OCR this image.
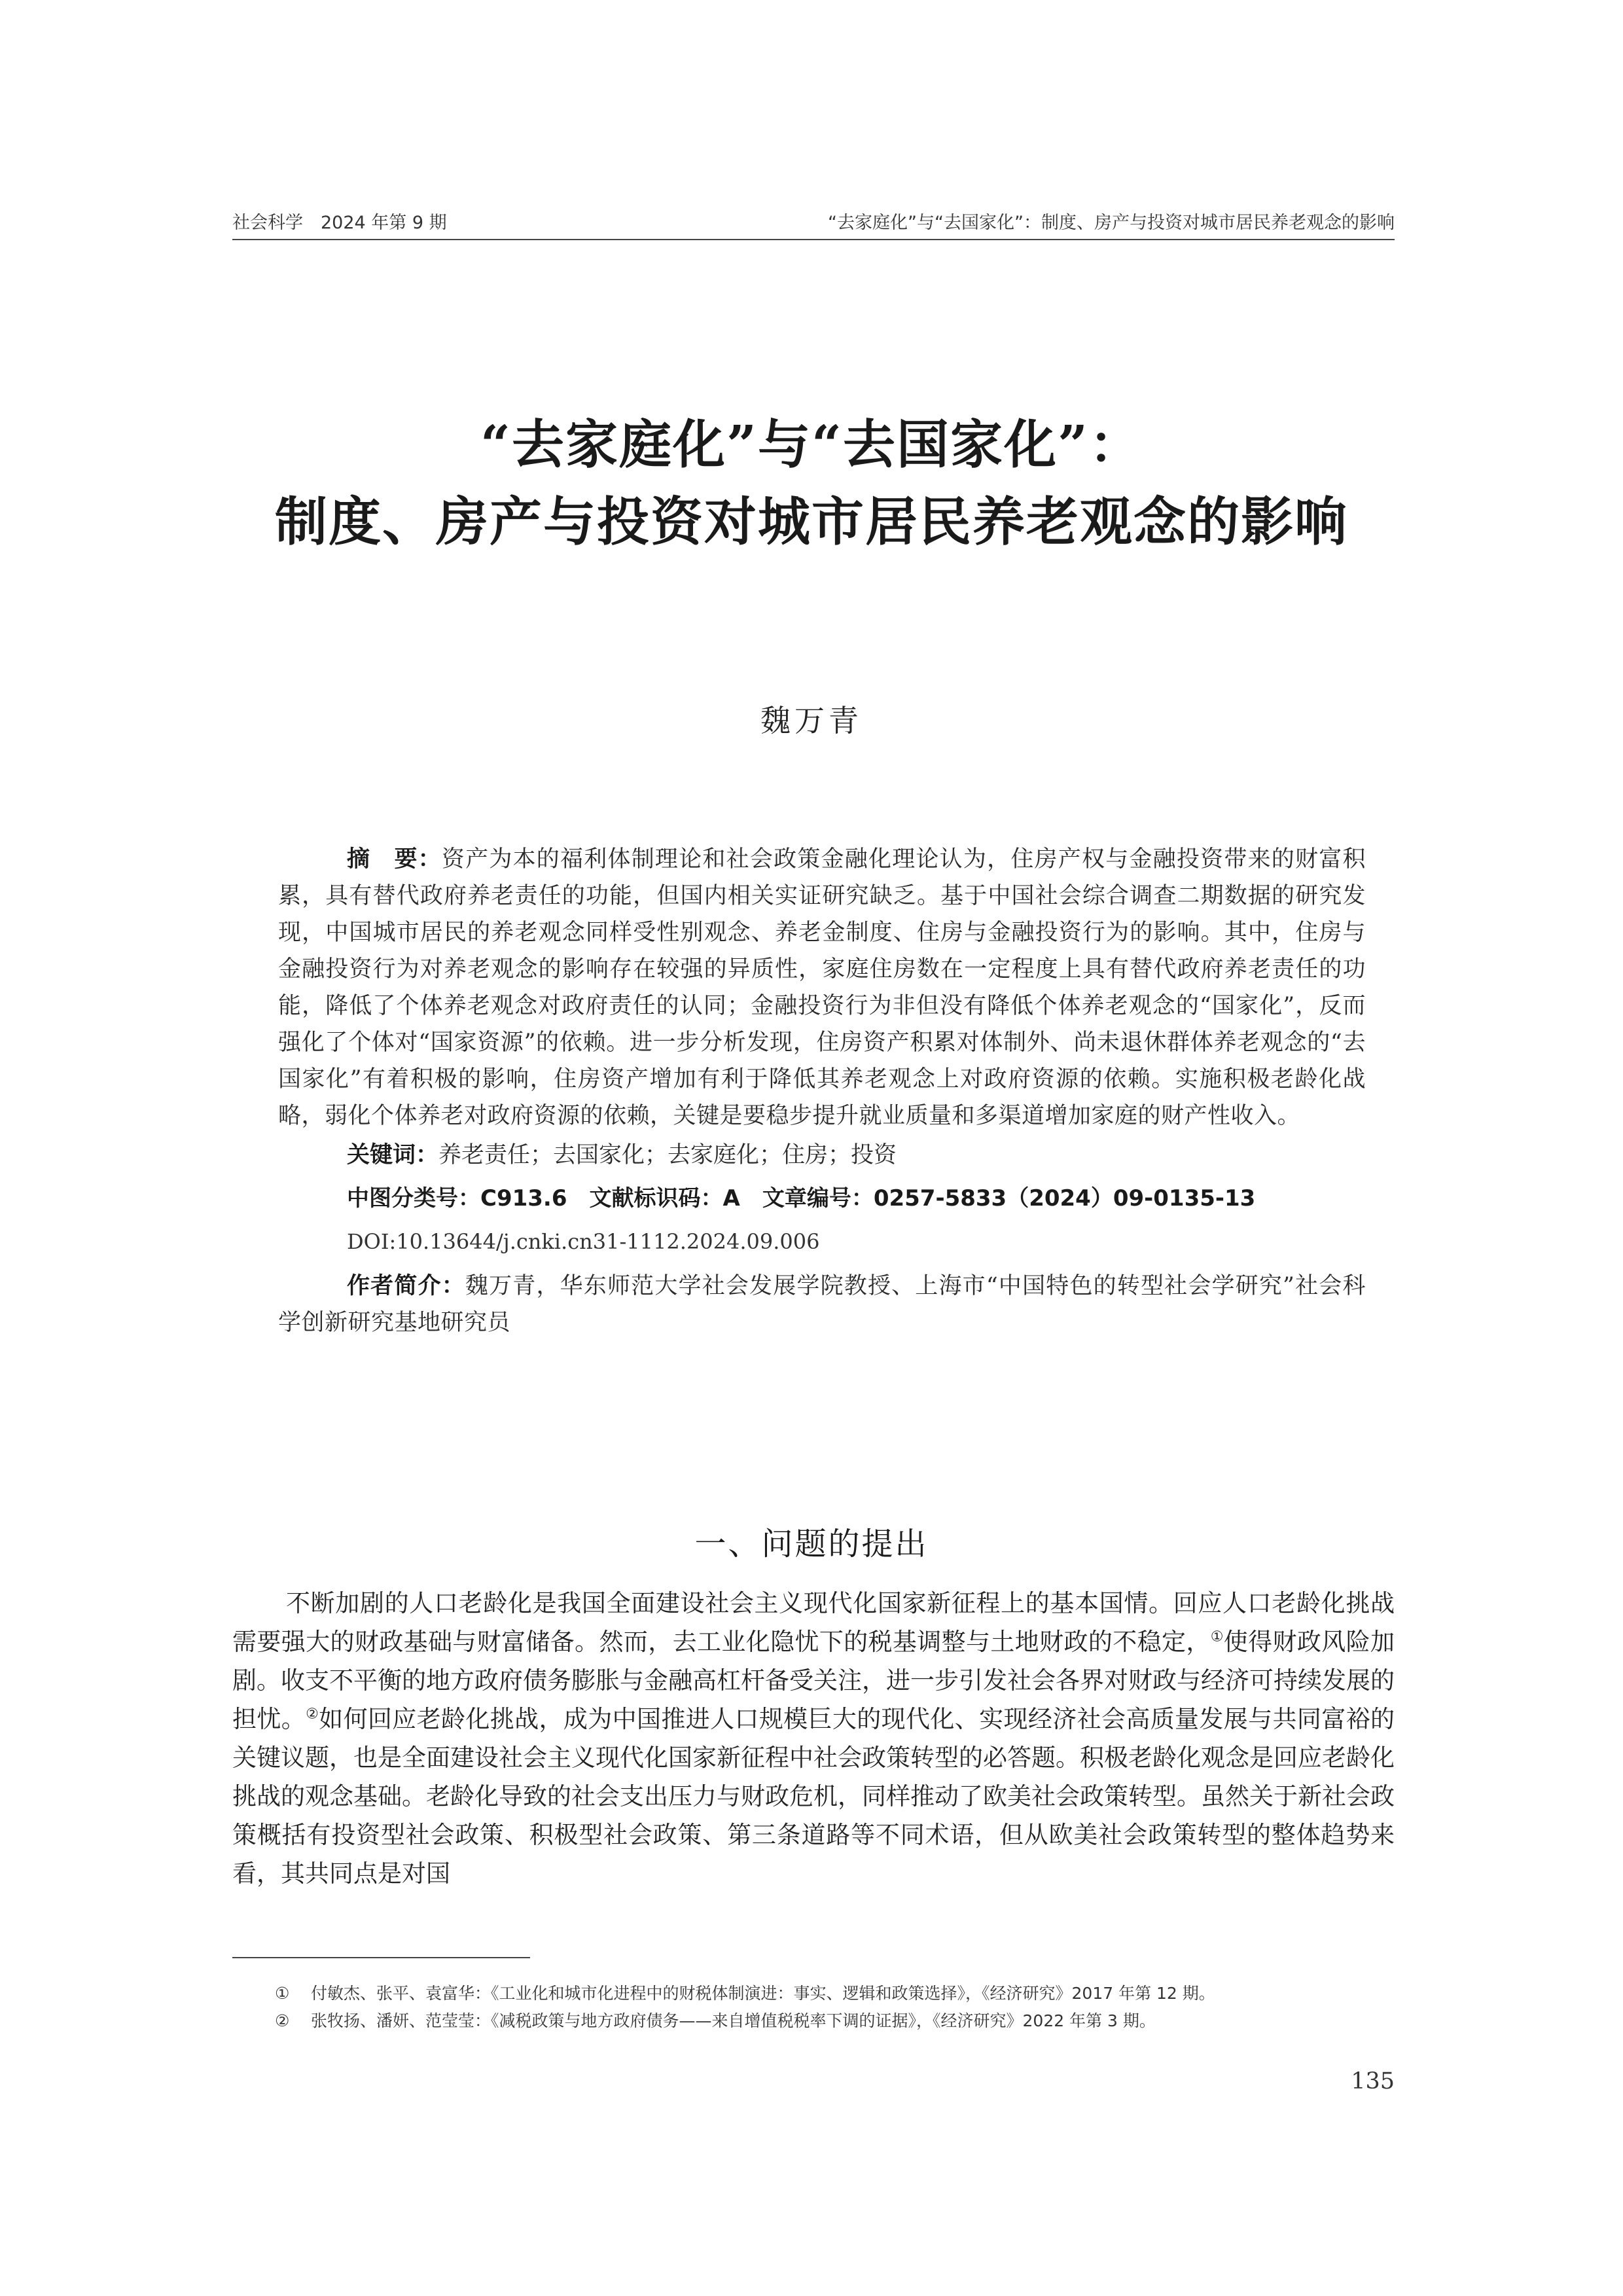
社会科学　2024 年第 9 期	“去家庭化”与“去国家化”：制度、房产与投资对城市居民养老观念的影响
“去家庭化”与“去国家化”：
制度、房产与投资对城市居民养老观念的影响
魏万青

摘　要：资产为本的福利体制理论和社会政策金融化理论认为，住房产权与金融投资带来的财富积累，具有替代政府养老责任的功能，但国内相关实证研究缺乏。基于中国社会综合调查二期数据的研究发现，中国城市居民的养老观念同样受性别观念、养老金制度、住房与金融投资行为的影响。其中，住房与金融投资行为对养老观念的影响存在较强的异质性，家庭住房数在一定程度上具有替代政府养老责任的功能，降低了个体养老观念对政府责任的认同；金融投资行为非但没有降低个体养老观念的“国家化”，反而强化了个体对“国家资源”的依赖。进一步分析发现，住房资产积累对体制外、尚未退休群体养老观念的“去国家化”有着积极的影响，住房资产增加有利于降低其养老观念上对政府资源的依赖。实施积极老龄化战略，弱化个体养老对政府资源的依赖，关键是要稳步提升就业质量和多渠道增加家庭的财产性收入。

关键词：养老责任；去国家化；去家庭化；住房；投资

中图分类号：C913.6 文献标识码：A 文章编号：0257-5833（2024）09-0135-13

DOI:10.13644/j.cnki.cn31-1112.2024.09.006

作者简介：魏万青，华东师范大学社会发展学院教授、上海市“中国特色的转型社会学研究”社会科学创新研究基地研究员

一、问题的提出

不断加剧的人口老龄化是我国全面建设社会主义现代化国家新征程上的基本国情。回应人口老龄化挑战需要强大的财政基础与财富储备。然而，去工业化隐忧下的税基调整与土地财政的不稳定，①使得财政风险加剧。收支不平衡的地方政府债务膨胀与金融高杠杆备受关注，进一步引发社会各界对财政与经济可持续发展的担忧。②如何回应老龄化挑战，成为中国推进人口规模巨大的现代化、实现经济社会高质量发展与共同富裕的关键议题，也是全面建设社会主义现代化国家新征程中社会政策转型的必答题。积极老龄化观念是回应老龄化挑战的观念基础。老龄化导致的社会支出压力与财政危机，同样推动了欧美社会政策转型。虽然关于新社会政策概括有投资型社会政策、积极型社会政策、第三条道路等不同术语，但从欧美社会政策转型的整体趋势来看，其共同点是对国

① 付敏杰、张平、袁富华：《工业化和城市化进程中的财税体制演进：事实、逻辑和政策选择》，《经济研究》2017 年第 12 期。
② 张牧扬、潘妍、范莹莹：《减税政策与地方政府债务——来自增值税税率下调的证据》，《经济研究》2022 年第 3 期。
135
